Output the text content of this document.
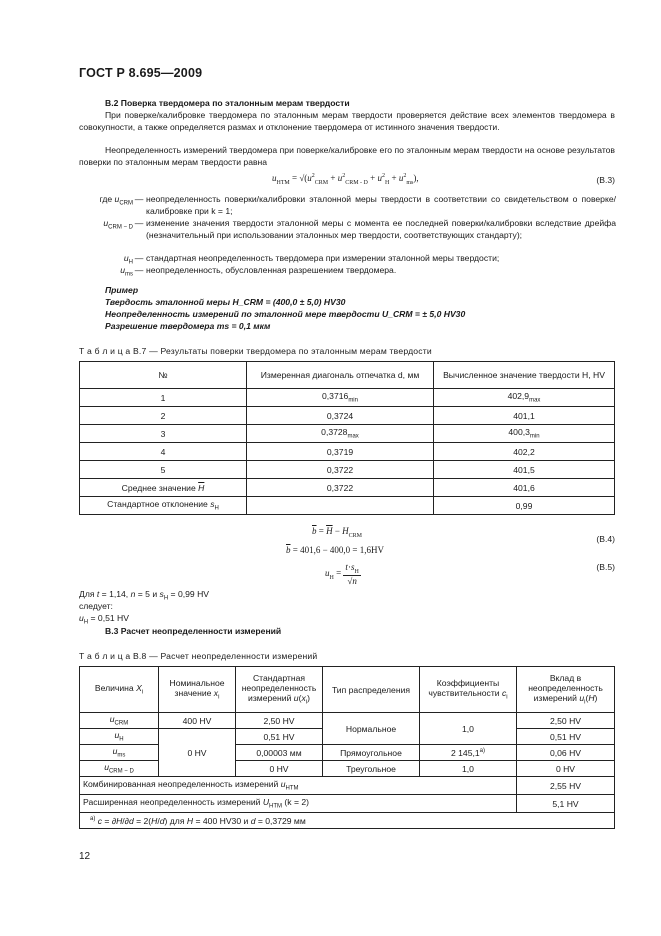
ГОСТ Р 8.695—2009
В.2 Поверка твердомера по эталонным мерам твердости
При поверке/калибровке твердомера по эталонным мерам твердости проверяется действие всех элементов твердомера в совокупности, а также определяется размах и отклонение твердомера от истинного значения твердости.
Неопределенность измерений твердомера при поверке/калибровке его по эталонным мерам твердости на основе результатов поверки по эталонным мерам твердости равна
$u_{НТМ} = √(u^2_{CRM} + u^2_{CRM - D} + u^2_H + u^2_{ms})$,	(В.3)
где $u_{CRM}$ — неопределенность поверки/калибровки эталонной меры твердости в соответствии со свидетельством о поверке/калибровке при k = 1;
$u_{CRM - D}$ — изменение значения твердости эталонной меры с момента ее последней поверки/калибровки вследствие дрейфа (незначительный при использовании эталонных мер твердости, соответствующих стандарту);
$u_H$ — стандартная неопределенность твердомера при измерении эталонной меры твердости;
$u_{ms}$ — неопределенность, обусловленная разрешением твердомера.
Пример
Твердость эталонной меры H_CRM = (400,0 ± 5,0) HV30
Неопределенность измерений по эталонной мере твердости U_CRM = ± 5,0 HV30
Разрешение твердомера ms = 0,1 мкм
Т а б л и ц а В.7 — Результаты поверки твердомера по эталонным мерам твердости
№	Измеренная диагональ отпечатка d, мм	Вычисленное значение твердости H, HV
1	$0,3716_{min}$	$402,9_{max}$
2	0,3724	401,1
3	$0,3728_{max}$	$400,3_{min}$
4	0,3719	402,2
5	0,3722	401,5
Среднее значение $\overline{H}$	0,3722	401,6
Стандартное отклонение $s_H$		0,99
$\overline{b} = \overline{H} - H_{CRM}$	(В.4)
$\overline{b} = 401,6 - 400,0 = 1,6HV$
$u_H = \frac{t\cdot s_H}{√n}$	(В.5)
Для t = 1,14, n = 5 и $s_H = 0,99$ HV
следует:
$u_H = 0,51$ HV
В.3 Расчет неопределенности измерений
Т а б л и ц а В.8 — Расчет неопределенности измерений
Величина $X_i$	Номинальное значение $x_i$	Стандартная неопределенность измерений $u(x_i)$	Тип распределения	Коэффициенты чувствительности $c_i$	Вклад в неопределенность измерений $u_i(H)$
$u_{CRM}$	400 HV	2,50 HV	Нормальное	1,0	2,50 HV
$u_H$	0 HV	0,51 HV			0,51 HV
$u_{ms}$		0,00003 мм	Прямоугольное	2 $145,1^{а)}$	0,06 HV
$u_{CRM - D}$		0 HV	Треугольное	1,0	0 HV
Комбинированная неопределенность измерений $u_{HTM}$					2,55 HV
Расширенная неопределенность измерений $U_{HTM}$ (k = 2)					5,1 HV
$^{а)}$ c = ∂H/∂d = 2(H/d) для H = 400 HV30 и d = 0,3729 мм					
12
